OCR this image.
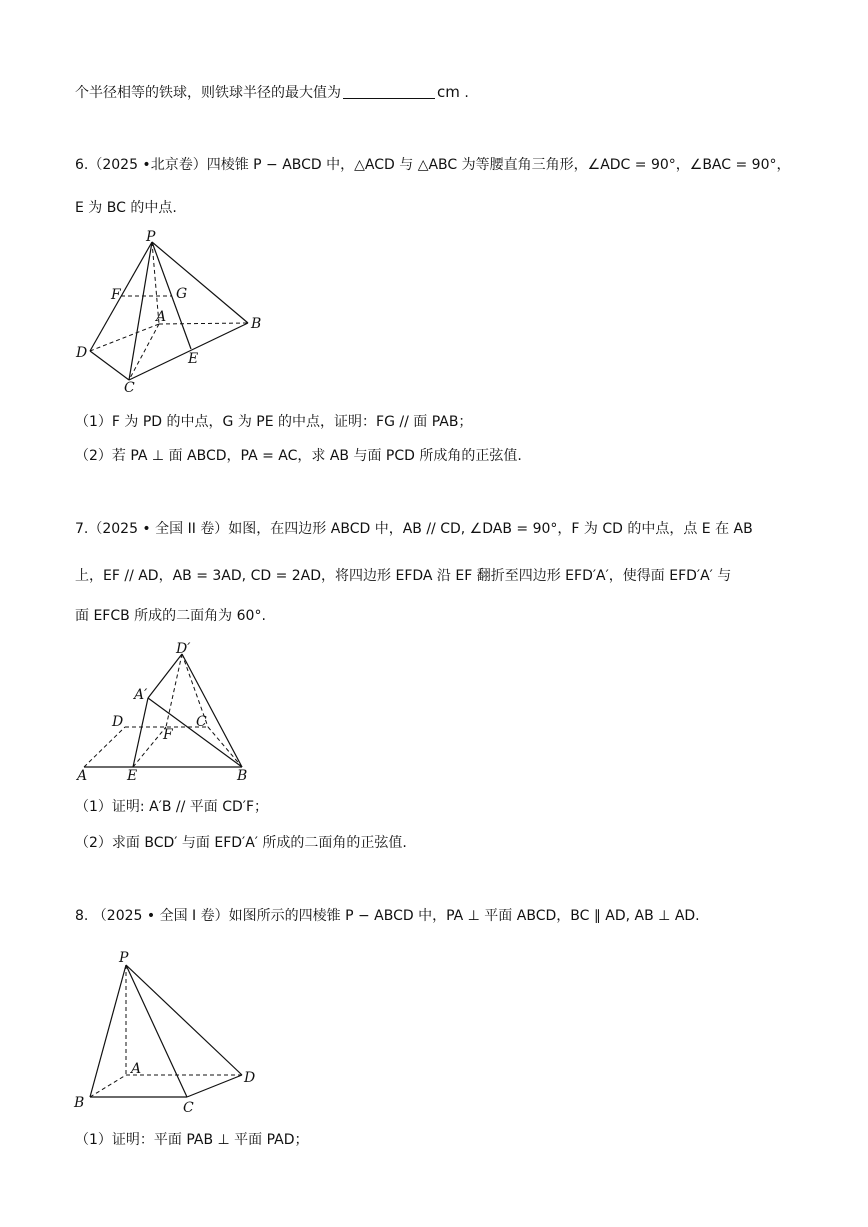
个半径相等的铁球，则铁球半径的最大值为	cm .
6.（2025 •北京卷）四棱锥 P − ABCD 中，△ACD 与 △ABC 为等腰直角三角形，∠ADC = 90°，∠BAC = 90°，
E 为 BC 的中点.
P
F	G
A	B
D	E
C
（1）F 为 PD 的中点，G 为 PE 的中点，证明：FG // 面 PAB；
（2）若 PA ⊥ 面 ABCD，PA = AC，求 AB 与面 PCD 所成角的正弦值.
7.（2025 • 全国 II 卷）如图，在四边形 ABCD 中，AB // CD, ∠DAB = 90°，F 为 CD 的中点，点 E 在 AB
上，EF // AD，AB = 3AD, CD = 2AD，将四边形 EFDA 沿 EF 翻折至四边形 EFD′A′，使得面 EFD′A′ 与
面 EFCB 所成的二面角为 60°.
D′
A′
D	C
F
A	E	B
（1）证明: A′B // 平面 CD′F；
（2）求面 BCD′ 与面 EFD′A′ 所成的二面角的正弦值.
8. （2025 • 全国 I 卷）如图所示的四棱锥 P − ABCD 中，PA ⊥ 平面 ABCD，BC ∥ AD, AB ⊥ AD.
P
A
D
B	C
（1）证明：平面 PAB ⊥ 平面 PAD；
